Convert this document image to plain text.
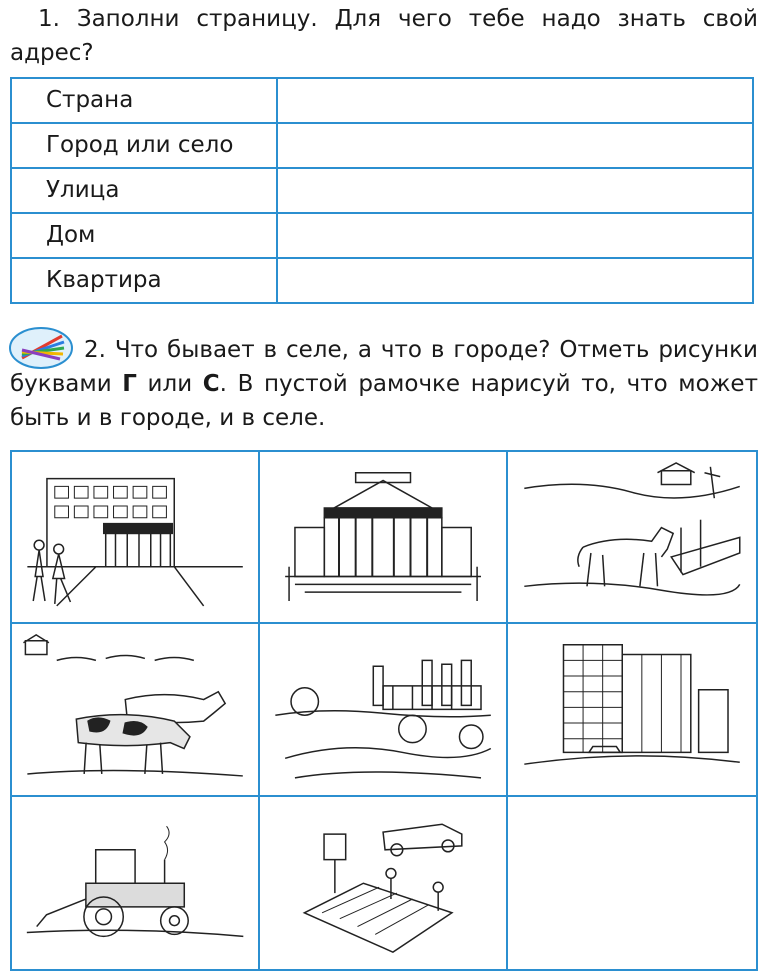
1. Заполни страницу. Для чего тебе надо знать свой адрес?

Страна	
Город или село	
Улица	
Дом	
Квартира	

2. Что бывает в селе, а что в городе? Отметь рисунки буквами Г или С. В пустой рамочке нарисуй то, что может быть и в городе, и в селе.
